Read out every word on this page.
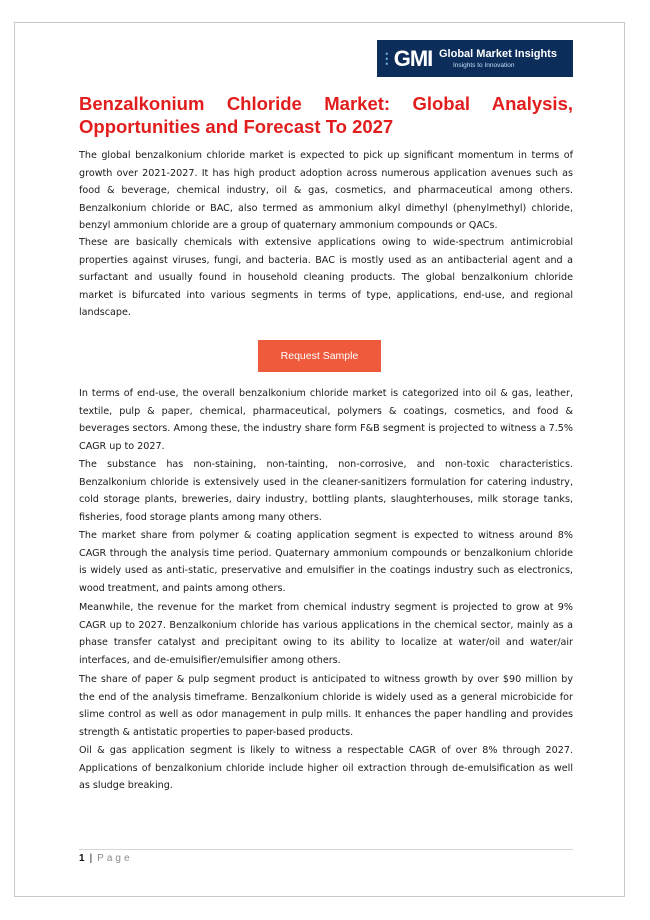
⋮ GMI Global Market Insights
Insights to Innovation
Benzalkonium Chloride Market: Global Analysis, Opportunities and Forecast To 2027

The global benzalkonium chloride market is expected to pick up significant momentum in terms of growth over 2021-2027. It has high product adoption across numerous application avenues such as food & beverage, chemical industry, oil & gas, cosmetics, and pharmaceutical among others. Benzalkonium chloride or BAC, also termed as ammonium alkyl dimethyl (phenylmethyl) chloride, benzyl ammonium chloride are a group of quaternary ammonium compounds or QACs.

These are basically chemicals with extensive applications owing to wide-spectrum antimicrobial properties against viruses, fungi, and bacteria. BAC is mostly used as an antibacterial agent and a surfactant and usually found in household cleaning products. The global benzalkonium chloride market is bifurcated into various segments in terms of type, applications, end-use, and regional landscape.

Request Sample

In terms of end-use, the overall benzalkonium chloride market is categorized into oil & gas, leather, textile, pulp & paper, chemical, pharmaceutical, polymers & coatings, cosmetics, and food & beverages sectors. Among these, the industry share form F&B segment is projected to witness a 7.5% CAGR up to 2027.

The substance has non-staining, non-tainting, non-corrosive, and non-toxic characteristics. Benzalkonium chloride is extensively used in the cleaner-sanitizers formulation for catering industry, cold storage plants, breweries, dairy industry, bottling plants, slaughterhouses, milk storage tanks, fisheries, food storage plants among many others.

The market share from polymer & coating application segment is expected to witness around 8% CAGR through the analysis time period. Quaternary ammonium compounds or benzalkonium chloride is widely used as anti-static, preservative and emulsifier in the coatings industry such as electronics, wood treatment, and paints among others.

Meanwhile, the revenue for the market from chemical industry segment is projected to grow at 9% CAGR up to 2027. Benzalkonium chloride has various applications in the chemical sector, mainly as a phase transfer catalyst and precipitant owing to its ability to localize at water/oil and water/air interfaces, and de-emulsifier/emulsifier among others.

The share of paper & pulp segment product is anticipated to witness growth by over $90 million by the end of the analysis timeframe. Benzalkonium chloride is widely used as a general microbicide for slime control as well as odor management in pulp mills. It enhances the paper handling and provides strength & antistatic properties to paper-based products.

Oil & gas application segment is likely to witness a respectable CAGR of over 8% through 2027. Applications of benzalkonium chloride include higher oil extraction through de-emulsification as well as sludge breaking.

1 | Page
